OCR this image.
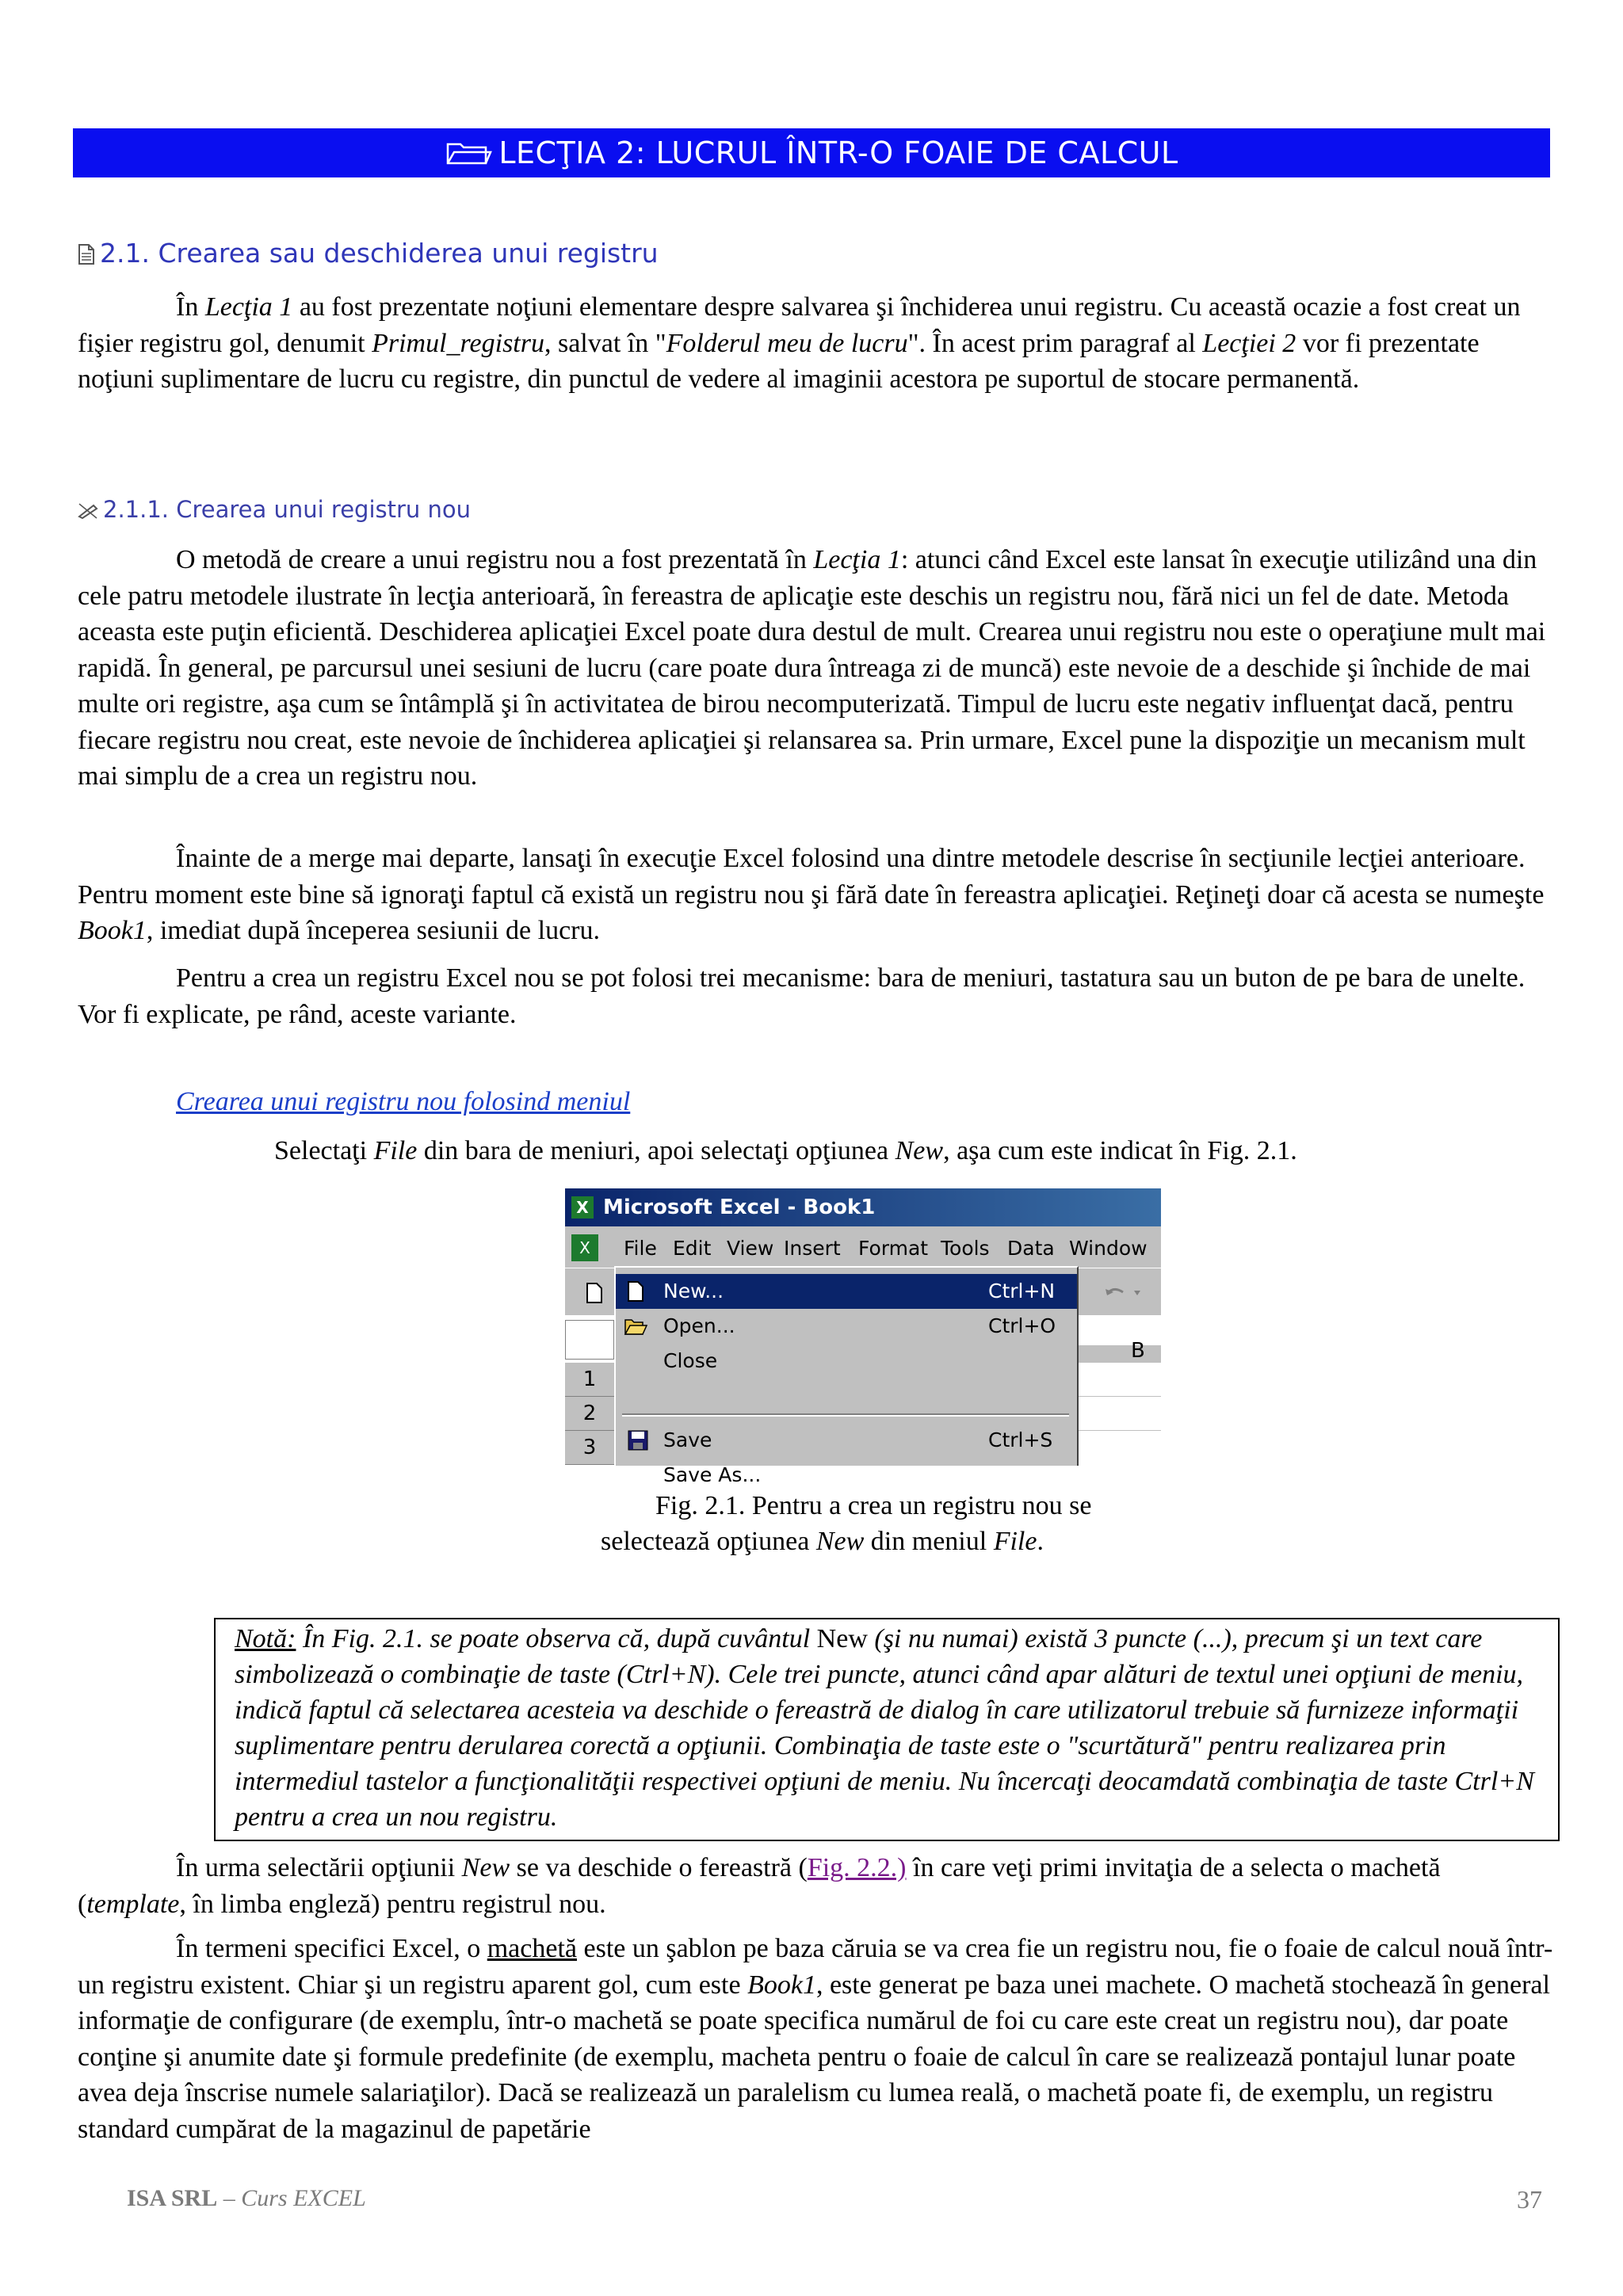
LECŢIA 2: LUCRUL ÎNTR-O FOAIE DE CALCUL
2.1. Crearea sau deschiderea unui registru

În Lecţia 1 au fost prezentate noţiuni elementare despre salvarea şi închiderea unui registru. Cu această ocazie a fost creat un fişier registru gol, denumit Primul_registru, salvat în "Folderul meu de lucru". În acest prim paragraf al Lecţiei 2 vor fi prezentate noţiuni suplimentare de lucru cu registre, din punctul de vedere al imaginii acestora pe suportul de stocare permanentă.

2.1.1. Crearea unui registru nou

O metodă de creare a unui registru nou a fost prezentată în Lecţia 1: atunci când Excel este lansat în execuţie utilizând una din cele patru metodele ilustrate în lecţia anterioară, în fereastra de aplicaţie este deschis un registru nou, fără nici un fel de date. Metoda aceasta este puţin eficientă. Deschiderea aplicaţiei Excel poate dura destul de mult. Crearea unui registru nou este o operaţiune mult mai rapidă. În general, pe parcursul unei sesiuni de lucru (care poate dura întreaga zi de muncă) este nevoie de a deschide şi închide de mai multe ori registre, aşa cum se întâmplă şi în activitatea de birou necomputerizată. Timpul de lucru este negativ influenţat dacă, pentru fiecare registru nou creat, este nevoie de închiderea aplicaţiei şi relansarea sa. Prin urmare, Excel pune la dispoziţie un mecanism mult mai simplu de a crea un registru nou.

Înainte de a merge mai departe, lansaţi în execuţie Excel folosind una dintre metodele descrise în secţiunile lecţiei anterioare. Pentru moment este bine să ignoraţi faptul că există un registru nou şi fără date în fereastra aplicaţiei. Reţineţi doar că acesta se numeşte Book1, imediat după începerea sesiunii de lucru.

Pentru a crea un registru Excel nou se pot folosi trei mecanisme: bara de meniuri, tastatura sau un buton de pe bara de unelte. Vor fi explicate, pe rând, aceste variante.

Crearea unui registru nou folosind meniul
Selectaţi File din bara de meniuri, apoi selectaţi opţiunea New, aşa cum este indicat în Fig. 2.1.
X Microsoft Excel - Book1
X	File Edit View Insert Format Tools Data Window
B
1
2
3
New...	Ctrl+N
Open...	Ctrl+O
Close
Save	Ctrl+S
Save As...
Fig. 2.1. Pentru a crea un registru nou se
selectează opţiunea New din meniul File.
Notă: În Fig. 2.1. se poate observa că, după cuvântul New (şi nu numai) există 3 puncte (...), precum şi un text care simbolizează o combinaţie de taste (Ctrl+N). Cele trei puncte, atunci când apar alături de textul unei opţiuni de meniu, indică faptul că selectarea acesteia va deschide o fereastră de dialog în care utilizatorul trebuie să furnizeze informaţii suplimentare pentru derularea corectă a opţiunii. Combinaţia de taste este o "scurtătură" pentru realizarea prin intermediul tastelor a funcţionalităţii respectivei opţiuni de meniu. Nu încercaţi deocamdată combinaţia de taste Ctrl+N pentru a crea un nou registru.

În urma selectării opţiunii New se va deschide o fereastră (Fig. 2.2.) în care veţi primi invitaţia de a selecta o machetă (template, în limba engleză) pentru registrul nou.

În termeni specifici Excel, o machetă este un şablon pe baza căruia se va crea fie un registru nou, fie o foaie de calcul nouă într-un registru existent. Chiar şi un registru aparent gol, cum este Book1, este generat pe baza unei machete. O machetă stochează în general informaţie de configurare (de exemplu, într-o machetă se poate specifica numărul de foi cu care este creat un registru nou), dar poate conţine şi anumite date şi formule predefinite (de exemplu, macheta pentru o foaie de calcul în care se realizează pontajul lunar poate avea deja înscrise numele salariaţilor). Dacă se realizează un paralelism cu lumea reală, o machetă poate fi, de exemplu, un registru standard cumpărat de la magazinul de papetărie

ISA SRL – Curs EXCEL	37
